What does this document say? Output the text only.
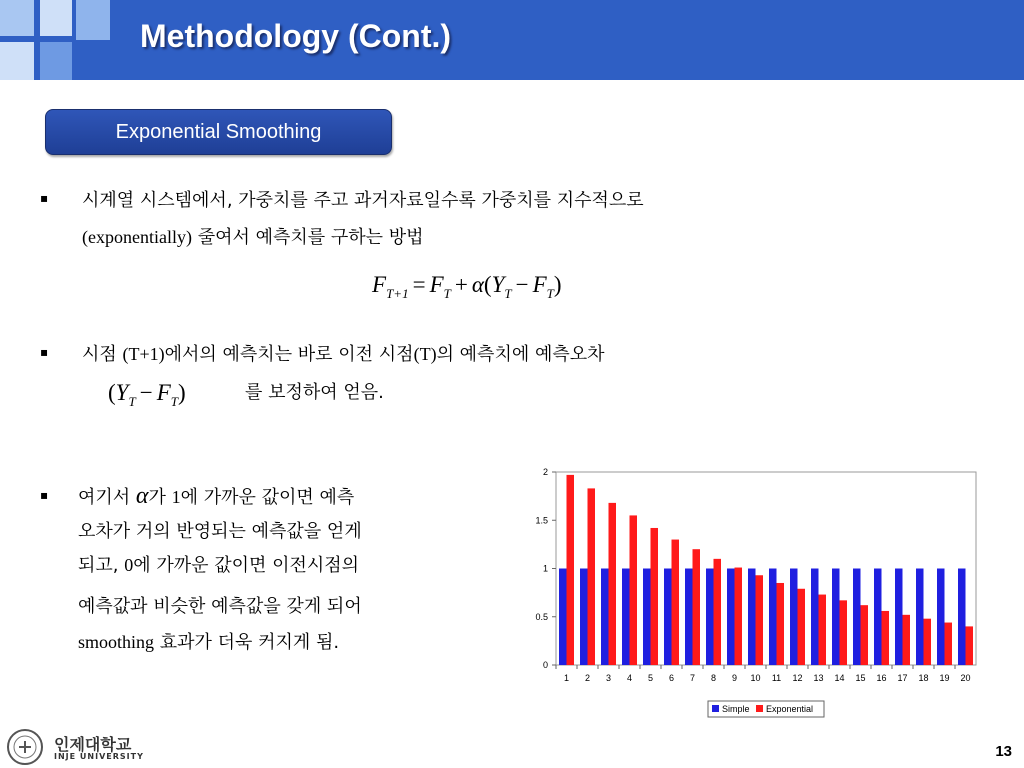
Methodology (Cont.)
Exponential Smoothing
▪ 시계열 시스템에서, 가중치를 주고 과거자료일수록 가중치를 지수적으로
(exponentially) 줄여서 예측치를 구하는 방법
$F_{T+1} = F_T + \alpha(Y_T - F_T)$
▪ 시점 (T+1)에서의 예측치는 바로 이전 시점(T)의 예측치에 예측오차
$(Y_T - F_T)$	를 보정하여 얻음.
▪ 여기서 α가 1에 가까운 값이면 예측
오차가 거의 반영되는 예측값을 얻게
되고, 0에 가까운 값이면 이전시점의
예측값과 비슷한 예측값을 갖게 되어
smoothing 효과가 더욱 커지게 됨.
0
0.5
1
1.5
2
1 2 3 4 5 6 7 8 9 10 11 12 13 14 15 16 17 18 19 20
Simple Exponential
인제대학교
INJE UNIVERSITY	13
